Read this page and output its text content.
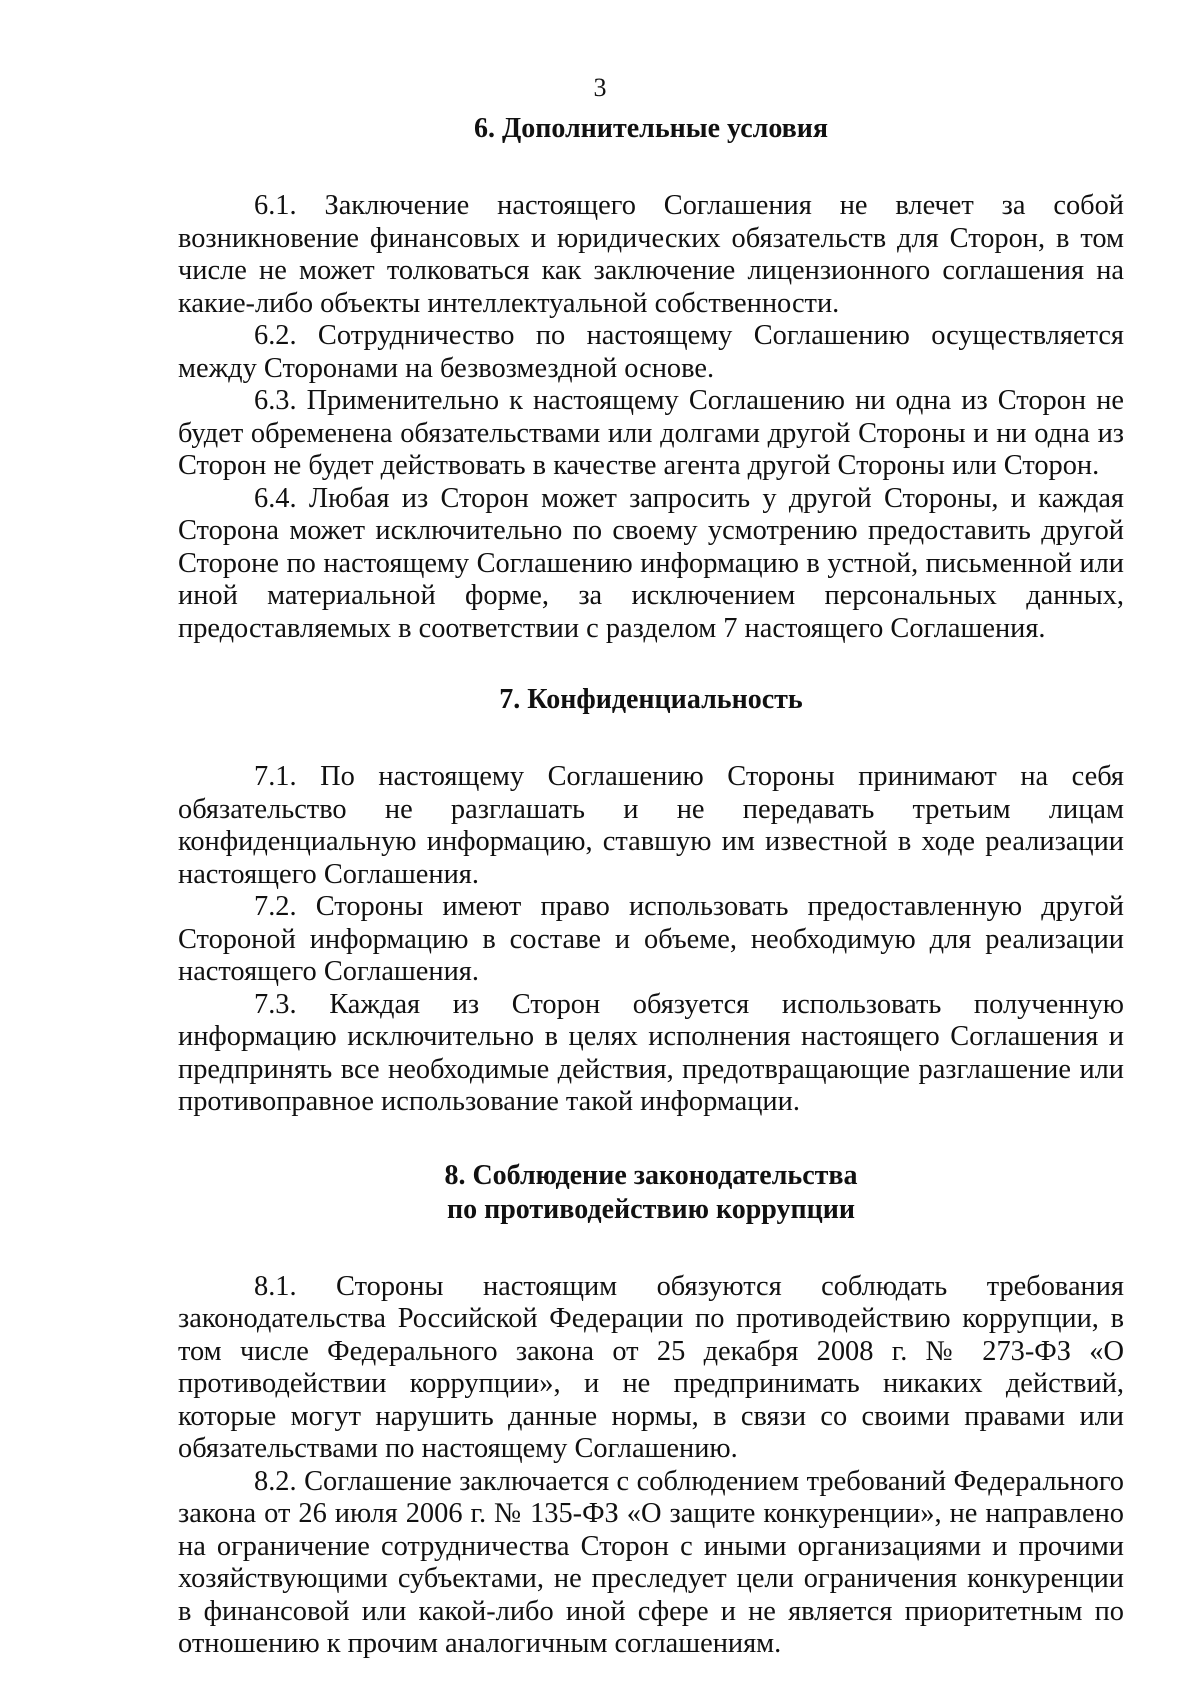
3
6. Дополнительные условия

6.1. Заключение настоящего Соглашения не влечет за собой возникновение финансовых и юридических обязательств для Сторон, в том числе не может толковаться как заключение лицензионного соглашения на какие-либо объекты интеллектуальной собственности.

6.2. Сотрудничество по настоящему Соглашению осуществляется между Сторонами на безвозмездной основе.

6.3. Применительно к настоящему Соглашению ни одна из Сторон не будет обременена обязательствами или долгами другой Стороны и ни одна из Сторон не будет действовать в качестве агента другой Стороны или Сторон.

6.4. Любая из Сторон может запросить у другой Стороны, и каждая Сторона может исключительно по своему усмотрению предоставить другой Стороне по настоящему Соглашению информацию в устной, письменной или иной материальной форме, за исключением персональных данных, предоставляемых в соответствии с разделом 7 настоящего Соглашения.

7. Конфиденциальность

7.1. По настоящему Соглашению Стороны принимают на себя обязательство не разглашать и не передавать третьим лицам конфиденциальную информацию, ставшую им известной в ходе реализации настоящего Соглашения.

7.2. Стороны имеют право использовать предоставленную другой Стороной информацию в составе и объеме, необходимую для реализации настоящего Соглашения.

7.3. Каждая из Сторон обязуется использовать полученную информацию исключительно в целях исполнения настоящего Соглашения и предпринять все необходимые действия, предотвращающие разглашение или противоправное использование такой информации.

8. Соблюдение законодательства
по противодействию коррупции

8.1. Стороны настоящим обязуются соблюдать требования законодательства Российской Федерации по противодействию коррупции, в том числе Федерального закона от 25 декабря 2008 г. № 273-ФЗ «О противодействии коррупции», и не предпринимать никаких действий, которые могут нарушить данные нормы, в связи со своими правами или обязательствами по настоящему Соглашению.

8.2. Соглашение заключается с соблюдением требований Федерального закона от 26 июля 2006 г. № 135-ФЗ «О защите конкуренции», не направлено на ограничение сотрудничества Сторон с иными организациями и прочими хозяйствующими субъектами, не преследует цели ограничения конкуренции в финансовой или какой-либо иной сфере и не является приоритетным по отношению к прочим аналогичным соглашениям.
